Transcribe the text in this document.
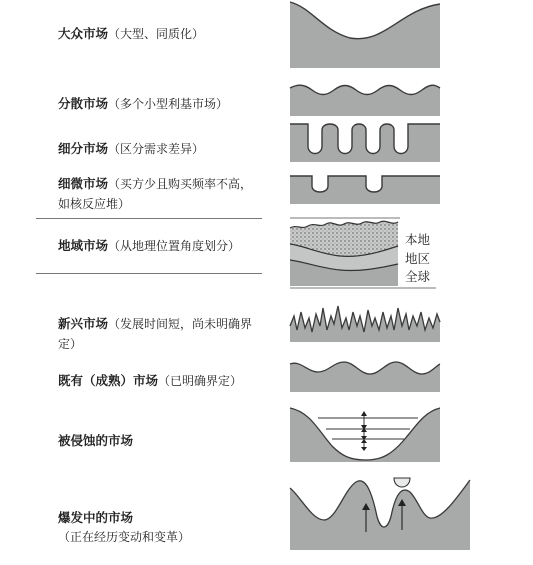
大众市场（大型、同质化）
分散市场（多个小型利基市场）
细分市场（区分需求差异）
细微市场（买方少且购买频率不高，如核反应堆）
地域市场（从地理位置角度划分）
新兴市场（发展时间短，尚未明确界定）
既有（成熟）市场（已明确界定）
被侵蚀的市场
爆发中的市场（正在经历变动和变革）
本地
地区
全球
